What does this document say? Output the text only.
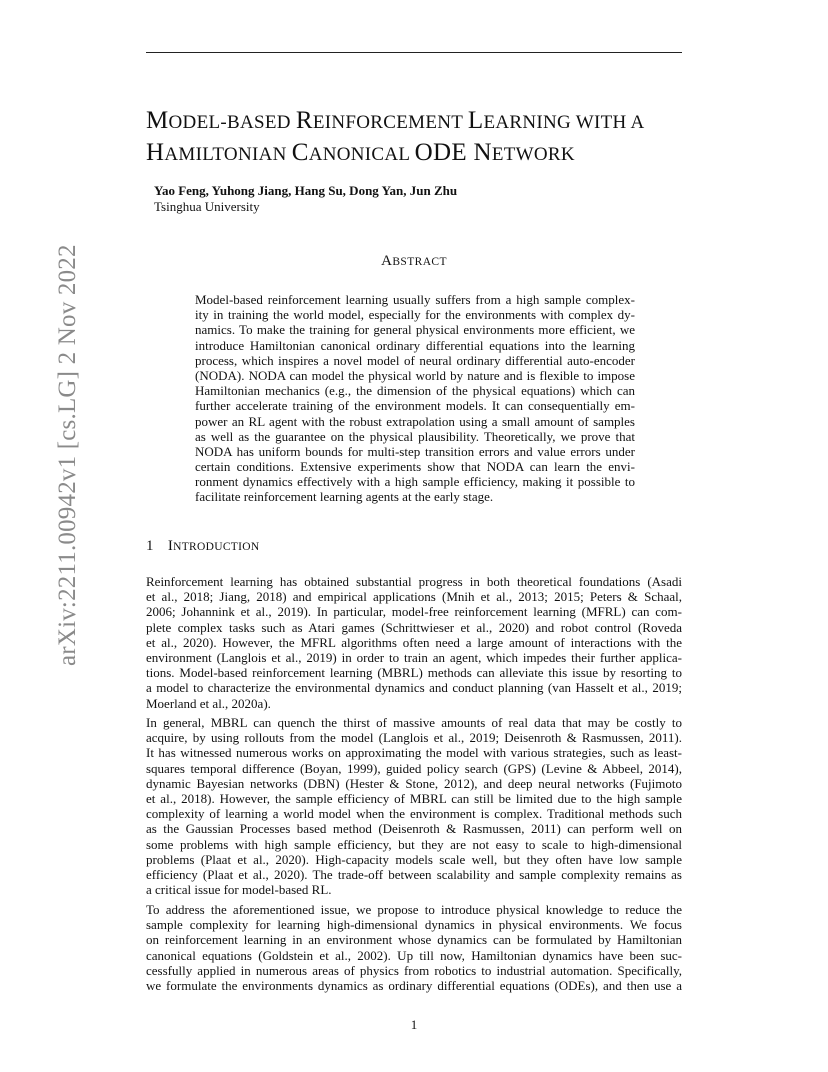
arXiv:2211.00942v1 [cs.LG] 2 Nov 2022
MODEL-BASED REINFORCEMENT LEARNING WITH A
HAMILTONIAN CANONICAL ODE NETWORK
Yao Feng, Yuhong Jiang, Hang Su, Dong Yan, Jun Zhu
Tsinghua University
ABSTRACT
Model-based reinforcement learning usually suffers from a high sample complex-
ity in training the world model, especially for the environments with complex dy-
namics. To make the training for general physical environments more efficient, we
introduce Hamiltonian canonical ordinary differential equations into the learning
process, which inspires a novel model of neural ordinary differential auto-encoder
(NODA). NODA can model the physical world by nature and is flexible to impose
Hamiltonian mechanics (e.g., the dimension of the physical equations) which can
further accelerate training of the environment models. It can consequentially em-
power an RL agent with the robust extrapolation using a small amount of samples
as well as the guarantee on the physical plausibility. Theoretically, we prove that
NODA has uniform bounds for multi-step transition errors and value errors under
certain conditions. Extensive experiments show that NODA can learn the envi-
ronment dynamics effectively with a high sample efficiency, making it possible to
facilitate reinforcement learning agents at the early stage.
1 INTRODUCTION
Reinforcement learning has obtained substantial progress in both theoretical foundations (Asadi
et al., 2018; Jiang, 2018) and empirical applications (Mnih et al., 2013; 2015; Peters & Schaal,
2006; Johannink et al., 2019). In particular, model-free reinforcement learning (MFRL) can com-
plete complex tasks such as Atari games (Schrittwieser et al., 2020) and robot control (Roveda
et al., 2020). However, the MFRL algorithms often need a large amount of interactions with the
environment (Langlois et al., 2019) in order to train an agent, which impedes their further applica-
tions. Model-based reinforcement learning (MBRL) methods can alleviate this issue by resorting to
a model to characterize the environmental dynamics and conduct planning (van Hasselt et al., 2019;
Moerland et al., 2020a).
In general, MBRL can quench the thirst of massive amounts of real data that may be costly to
acquire, by using rollouts from the model (Langlois et al., 2019; Deisenroth & Rasmussen, 2011).
It has witnessed numerous works on approximating the model with various strategies, such as least-
squares temporal difference (Boyan, 1999), guided policy search (GPS) (Levine & Abbeel, 2014),
dynamic Bayesian networks (DBN) (Hester & Stone, 2012), and deep neural networks (Fujimoto
et al., 2018). However, the sample efficiency of MBRL can still be limited due to the high sample
complexity of learning a world model when the environment is complex. Traditional methods such
as the Gaussian Processes based method (Deisenroth & Rasmussen, 2011) can perform well on
some problems with high sample efficiency, but they are not easy to scale to high-dimensional
problems (Plaat et al., 2020). High-capacity models scale well, but they often have low sample
efficiency (Plaat et al., 2020). The trade-off between scalability and sample complexity remains as
a critical issue for model-based RL.
To address the aforementioned issue, we propose to introduce physical knowledge to reduce the
sample complexity for learning high-dimensional dynamics in physical environments. We focus
on reinforcement learning in an environment whose dynamics can be formulated by Hamiltonian
canonical equations (Goldstein et al., 2002). Up till now, Hamiltonian dynamics have been suc-
cessfully applied in numerous areas of physics from robotics to industrial automation. Specifically,
we formulate the environments dynamics as ordinary differential equations (ODEs), and then use a
1
